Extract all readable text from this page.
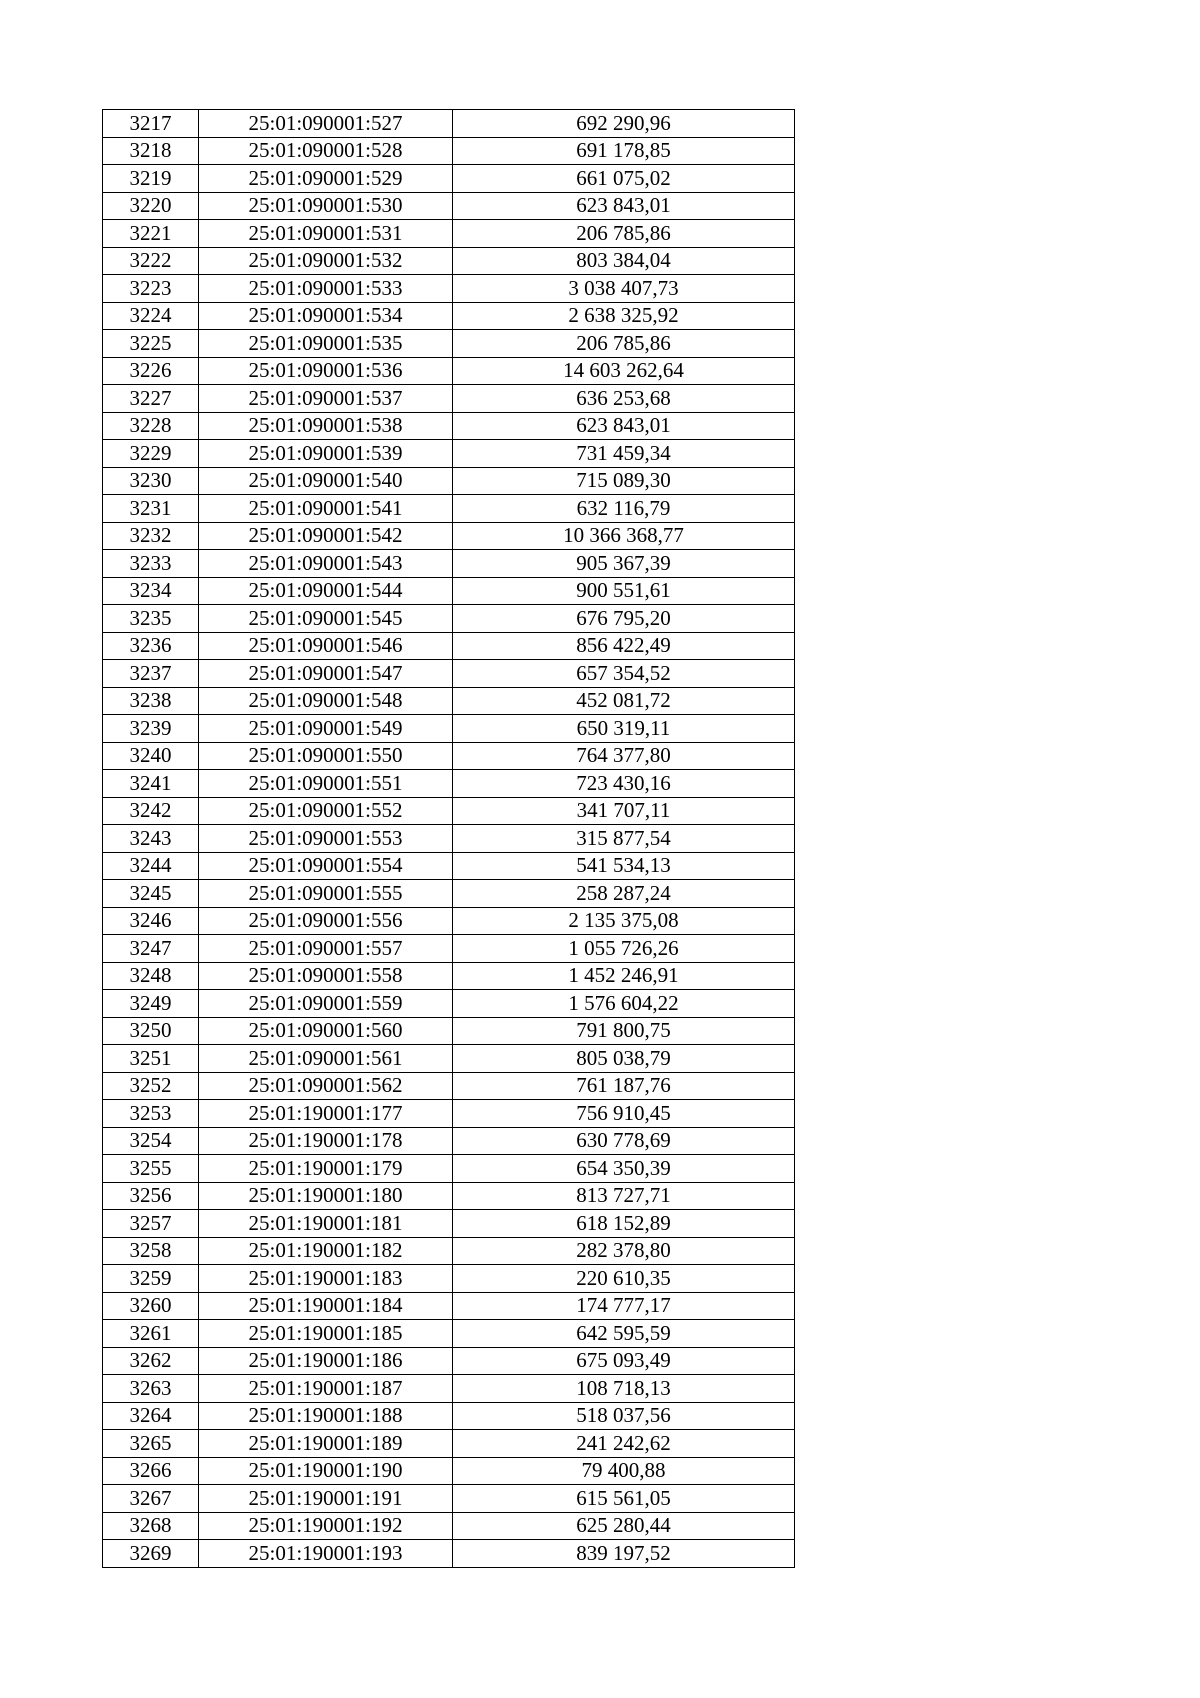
3217	25:01:090001:527	692 290,96
3218	25:01:090001:528	691 178,85
3219	25:01:090001:529	661 075,02
3220	25:01:090001:530	623 843,01
3221	25:01:090001:531	206 785,86
3222	25:01:090001:532	803 384,04
3223	25:01:090001:533	3 038 407,73
3224	25:01:090001:534	2 638 325,92
3225	25:01:090001:535	206 785,86
3226	25:01:090001:536	14 603 262,64
3227	25:01:090001:537	636 253,68
3228	25:01:090001:538	623 843,01
3229	25:01:090001:539	731 459,34
3230	25:01:090001:540	715 089,30
3231	25:01:090001:541	632 116,79
3232	25:01:090001:542	10 366 368,77
3233	25:01:090001:543	905 367,39
3234	25:01:090001:544	900 551,61
3235	25:01:090001:545	676 795,20
3236	25:01:090001:546	856 422,49
3237	25:01:090001:547	657 354,52
3238	25:01:090001:548	452 081,72
3239	25:01:090001:549	650 319,11
3240	25:01:090001:550	764 377,80
3241	25:01:090001:551	723 430,16
3242	25:01:090001:552	341 707,11
3243	25:01:090001:553	315 877,54
3244	25:01:090001:554	541 534,13
3245	25:01:090001:555	258 287,24
3246	25:01:090001:556	2 135 375,08
3247	25:01:090001:557	1 055 726,26
3248	25:01:090001:558	1 452 246,91
3249	25:01:090001:559	1 576 604,22
3250	25:01:090001:560	791 800,75
3251	25:01:090001:561	805 038,79
3252	25:01:090001:562	761 187,76
3253	25:01:190001:177	756 910,45
3254	25:01:190001:178	630 778,69
3255	25:01:190001:179	654 350,39
3256	25:01:190001:180	813 727,71
3257	25:01:190001:181	618 152,89
3258	25:01:190001:182	282 378,80
3259	25:01:190001:183	220 610,35
3260	25:01:190001:184	174 777,17
3261	25:01:190001:185	642 595,59
3262	25:01:190001:186	675 093,49
3263	25:01:190001:187	108 718,13
3264	25:01:190001:188	518 037,56
3265	25:01:190001:189	241 242,62
3266	25:01:190001:190	79 400,88
3267	25:01:190001:191	615 561,05
3268	25:01:190001:192	625 280,44
3269	25:01:190001:193	839 197,52
